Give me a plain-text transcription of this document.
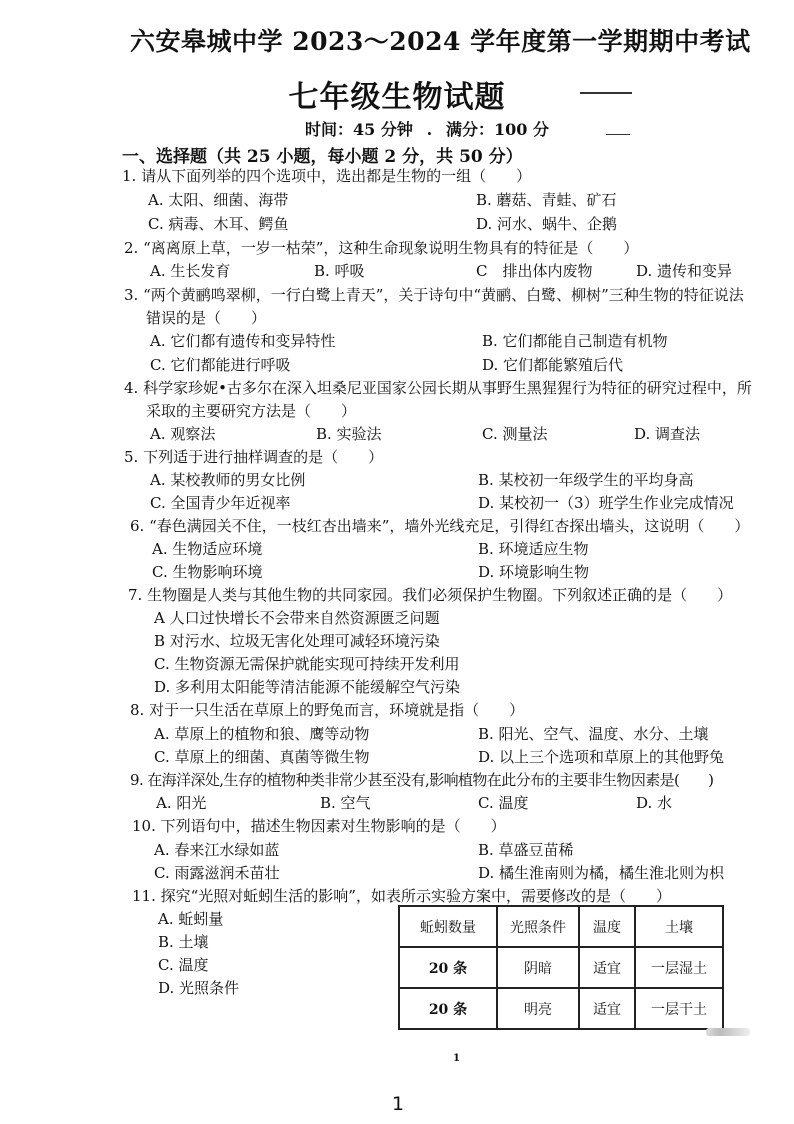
六安皋城中学 2023～2024 学年度第一学期期中考试
七年级生物试题
时间：45 分钟 . 满分：100 分
一、选择题（共 25 小题，每小题 2 分，共 50 分）
1. 请从下面列举的四个选项中，选出都是生物的一组（　　）
A. 太阳、细菌、海带	B. 蘑菇、青蛙、矿石
C. 病毒、木耳、鳄鱼	D. 河水、蜗牛、企鹅
2. “离离原上草，一岁一枯荣”，这种生命现象说明生物具有的特征是（　　）
A. 生长发育	B. 呼吸	C　排出体内废物	D. 遗传和变异
3. “两个黄鹂鸣翠柳，一行白鹭上青天”，关于诗句中“黄鹂、白鹭、柳树”三种生物的特征说法
错误的是（　　）
A. 它们都有遗传和变异特性	B. 它们都能自己制造有机物
C. 它们都能进行呼吸	D. 它们都能繁殖后代
4. 科学家珍妮•古多尔在深入坦桑尼亚国家公园长期从事野生黑猩猩行为特征的研究过程中，所
采取的主要研究方法是（　　）
A. 观察法	B. 实验法	C. 测量法	D. 调查法
5. 下列适于进行抽样调查的是（　　）
A. 某校教师的男女比例	B. 某校初一年级学生的平均身高
C. 全国青少年近视率	D. 某校初一（3）班学生作业完成情况
6. “春色满园关不住，一枝红杏出墙来”，墙外光线充足，引得红杏探出墙头，这说明（　　）
A. 生物适应环境	B. 环境适应生物
C. 生物影响环境	D. 环境影响生物
7. 生物圈是人类与其他生物的共同家园。我们必须保护生物圈。下列叙述正确的是（　　）
A 人口过快增长不会带来自然资源匮乏问题
B 对污水、垃圾无害化处理可减轻环境污染
C. 生物资源无需保护就能实现可持续开发利用
D. 多利用太阳能等清洁能源不能缓解空气污染
8. 对于一只生活在草原上的野兔而言，环境就是指（　　）
A. 草原上的植物和狼、鹰等动物	B. 阳光、空气、温度、水分、土壤
C. 草原上的细菌、真菌等微生物	D. 以上三个选项和草原上的其他野兔
9. 在海洋深处,生存的植物种类非常少甚至没有,影响植物在此分布的主要非生物因素是(　　)
A. 阳光	B. 空气	C. 温度	D. 水
10. 下列语句中，描述生物因素对生物影响的是（　　）
A. 春来江水绿如蓝	B. 草盛豆苗稀
C. 雨露滋润禾苗壮	D. 橘生淮南则为橘，橘生淮北则为枳
11. 探究“光照对蚯蚓生活的影响”，如表所示实验方案中，需要修改的是（　　）
A. 蚯蚓量
B. 土壤
C. 温度
D. 光照条件
蚯蚓数量	光照条件	温度	土壤
20 条	阴暗	适宜	一层湿土
20 条	明亮	适宜	一层干土
1
1
